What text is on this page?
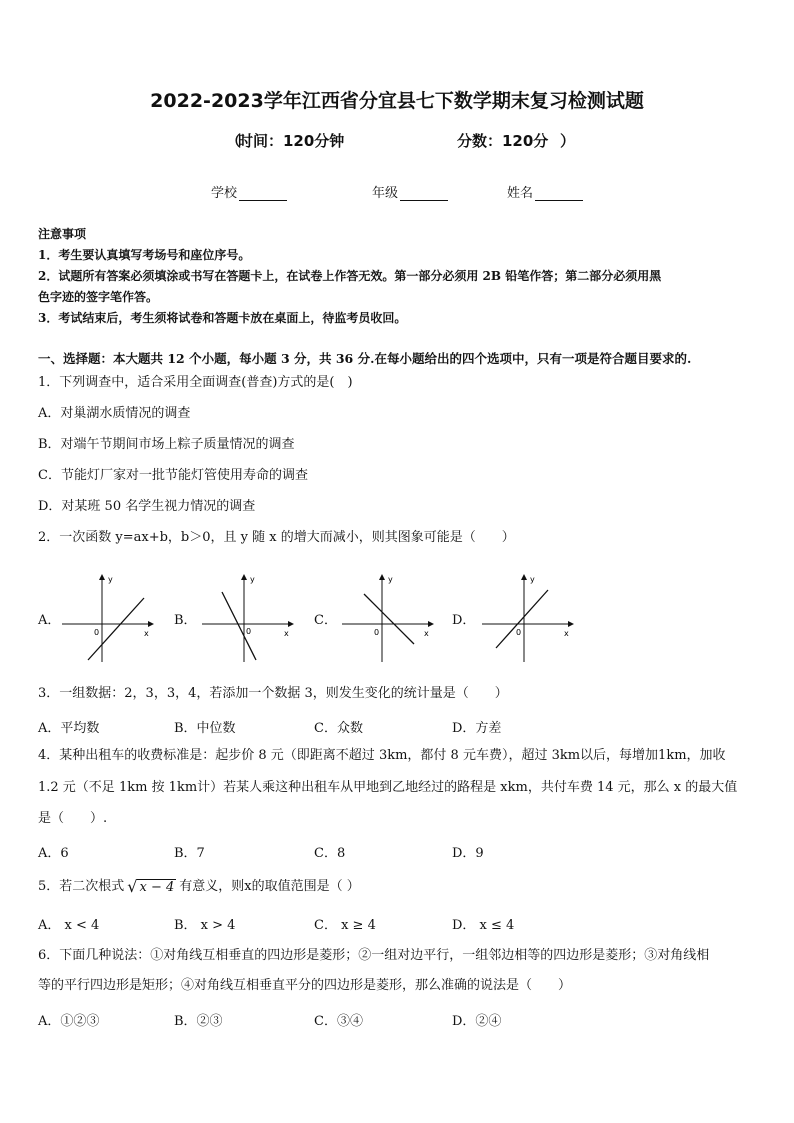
2022-2023学年江西省分宜县七下数学期末复习检测试题
（
时间：120分钟	分数：120分 ）
学校	年级	姓名

注意事项

1．考生要认真填写考场号和座位序号。

2．试题所有答案必须填涂或书写在答题卡上，在试卷上作答无效。第一部分必须用 2B 铅笔作答；第二部分必须用黑

色字迹的签字笔作答。

3．考试结束后，考生须将试卷和答题卡放在桌面上，待监考员收回。

一、选择题：本大题共 12 个小题，每小题 3 分，共 36 分.在每小题给出的四个选项中，只有一项是符合题目要求的.
1．下列调查中，适合采用全面调查(普查)方式的是(　)
A．对巢湖水质情况的调查
B．对端午节期间市场上粽子质量情况的调查
C．节能灯厂家对一批节能灯管使用寿命的调查
D．对某班 50 名学生视力情况的调查
2．一次函数 y=ax+b，b＞0，且 y 随 x 的增大而减小，则其图象可能是（　　）
A．
y
x
0
B．
y
x
0
C．
y
x
0
D．
y
x
0
3．一组数据：2，3，3，4，若添加一个数据 3，则发生变化的统计量是（　　）
A．平均数	B．中位数	C．众数	D．方差
4．某种出租车的收费标准是：起步价 8 元（即距离不超过 3km，都付 8 元车费），超过 3km以后，每增加1km，加收
1.2 元（不足 1km 按 1km计）若某人乘这种出租车从甲地到乙地经过的路程是 xkm，共付车费 14 元，那么 x 的最大值
是（　　）.
A．6	B．7	C．8	D．9
5．若二次根式 √ x − 4 有意义，则x的取值范围是（ ）
A． x < 4	B． x > 4	C． x ≥ 4	D． x ≤ 4
6．下面几种说法：①对角线互相垂直的四边形是菱形；②一组对边平行，一组邻边相等的四边形是菱形；③对角线相
等的平行四边形是矩形；④对角线互相垂直平分的四边形是菱形，那么准确的说法是（　　）
A．①②③	B．②③	C．③④	D．②④
